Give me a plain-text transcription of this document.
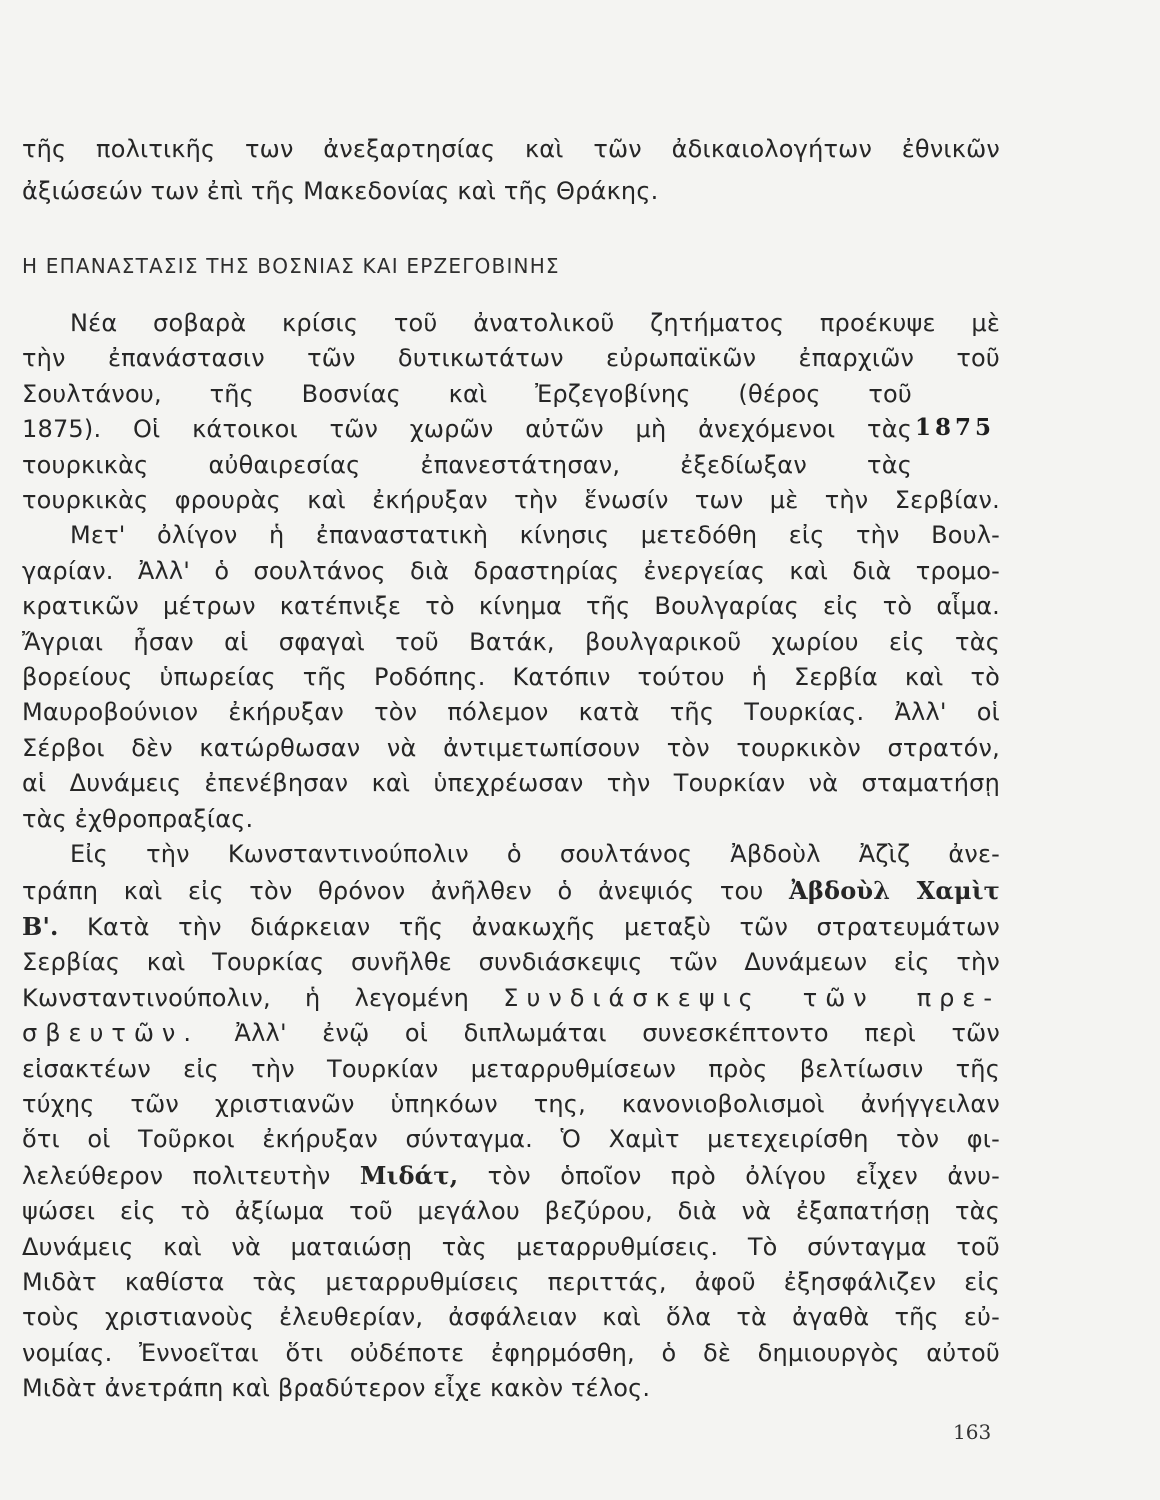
τῆς πολιτικῆς των ἀνεξαρτησίας καὶ τῶν ἀδικαιολογήτων ἐθνικῶν
ἀξιώσεών των ἐπὶ τῆς Μακεδονίας καὶ τῆς Θράκης.
Η ΕΠΑΝΑΣΤΑΣΙΣ ΤΗΣ ΒΟΣΝΙΑΣ ΚΑΙ ΕΡΖΕΓΟΒΙΝΗΣ
Νέα σοβαρὰ κρίσις τοῦ ἀνατολικοῦ ζητήματος προέκυψε μὲ
τὴν ἐπανάστασιν τῶν δυτικωτάτων εὐρωπαϊκῶν ἐπαρχιῶν τοῦ
Σουλτάνου, τῆς Βοσνίας καὶ Ἐρζεγοβίνης (θέρος τοῦ
1875). Οἱ κάτοικοι τῶν χωρῶν αὐτῶν μὴ ἀνεχόμενοι τὰς
τουρκικὰς αὐθαιρεσίας ἐπανεστάτησαν, ἐξεδίωξαν τὰς
τουρκικὰς φρουρὰς καὶ ἐκήρυξαν τὴν ἕνωσίν των μὲ τὴν Σερβίαν.
Μετ' ὀλίγον ἡ ἐπαναστατικὴ κίνησις μετεδόθη εἰς τὴν Βουλ-
γαρίαν. Ἀλλ' ὁ σουλτάνος διὰ δραστηρίας ἐνεργείας καὶ διὰ τρομο-
κρατικῶν μέτρων κατέπνιξε τὸ κίνημα τῆς Βουλγαρίας εἰς τὸ αἷμα.
Ἄγριαι ἦσαν αἱ σφαγαὶ τοῦ Βατάκ, βουλγαρικοῦ χωρίου εἰς τὰς
βορείους ὑπωρείας τῆς Ροδόπης. Κατόπιν τούτου ἡ Σερβία καὶ τὸ
Μαυροβούνιον ἐκήρυξαν τὸν πόλεμον κατὰ τῆς Τουρκίας. Ἀλλ' οἱ
Σέρβοι δὲν κατώρθωσαν νὰ ἀντιμετωπίσουν τὸν τουρκικὸν στρατόν,
αἱ Δυνάμεις ἐπενέβησαν καὶ ὑπεχρέωσαν τὴν Τουρκίαν νὰ σταματήσῃ
τὰς ἐχθροπραξίας.
Εἰς τὴν Κωνσταντινούπολιν ὁ σουλτάνος Ἀβδοὺλ Ἀζὶζ ἀνε-
τράπη καὶ εἰς τὸν θρόνον ἀνῆλθεν ὁ ἀνεψιός του Ἀβδοὺλ Χαμὶτ
Β'. Κατὰ τὴν διάρκειαν τῆς ἀνακωχῆς μεταξὺ τῶν στρατευμάτων
Σερβίας καὶ Τουρκίας συνῆλθε συνδιάσκεψις τῶν Δυνάμεων εἰς τὴν
Κωνσταντινούπολιν, ἡ λεγομένη Συνδιάσκεψις τῶν πρε-
σβευτῶν. Ἀλλ' ἐνῷ οἱ διπλωμάται συνεσκέπτοντο περὶ τῶν
εἰσακτέων εἰς τὴν Τουρκίαν μεταρρυθμίσεων πρὸς βελτίωσιν τῆς
τύχης τῶν χριστιανῶν ὑπηκόων της, κανονιοβολισμοὶ ἀνήγγειλαν
ὅτι οἱ Τοῦρκοι ἐκήρυξαν σύνταγμα. Ὁ Χαμὶτ μετεχειρίσθη τὸν φι-
λελεύθερον πολιτευτὴν Μιδάτ, τὸν ὁποῖον πρὸ ὀλίγου εἶχεν ἀνυ-
ψώσει εἰς τὸ ἀξίωμα τοῦ μεγάλου βεζύρου, διὰ νὰ ἐξαπατήσῃ τὰς
Δυνάμεις καὶ νὰ ματαιώσῃ τὰς μεταρρυθμίσεις. Τὸ σύνταγμα τοῦ
Μιδὰτ καθίστα τὰς μεταρρυθμίσεις περιττάς, ἀφοῦ ἐξησφάλιζεν εἰς
τοὺς χριστιανοὺς ἐλευθερίαν, ἀσφάλειαν καὶ ὅλα τὰ ἀγαθὰ τῆς εὐ-
νομίας. Ἐννοεῖται ὅτι οὐδέποτε ἐφηρμόσθη, ὁ δὲ δημιουργὸς αὐτοῦ
Μιδὰτ ἀνετράπη καὶ βραδύτερον εἶχε κακὸν τέλος.
1875
163
